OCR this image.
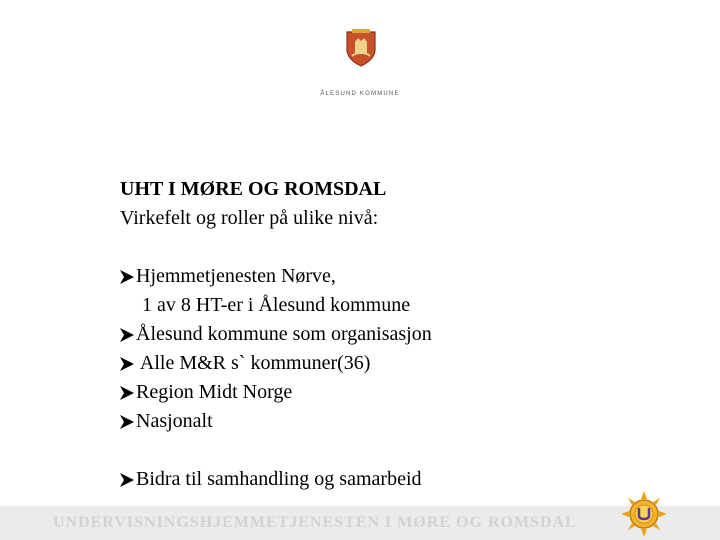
ÅLESUND KOMMUNE
UHT I MØRE OG ROMSDAL
Virkefelt og roller på ulike nivå:
Hjemmetjenesten Nørve,
1 av 8 HT-er i Ålesund kommune
Ålesund kommune som organisasjon
Alle M&R s` kommuner(36)
Region Midt Norge
Nasjonalt
Bidra til samhandling og samarbeid
UNDERVISNINGSHJEMMETJENESTEN I MØRE OG ROMSDAL
